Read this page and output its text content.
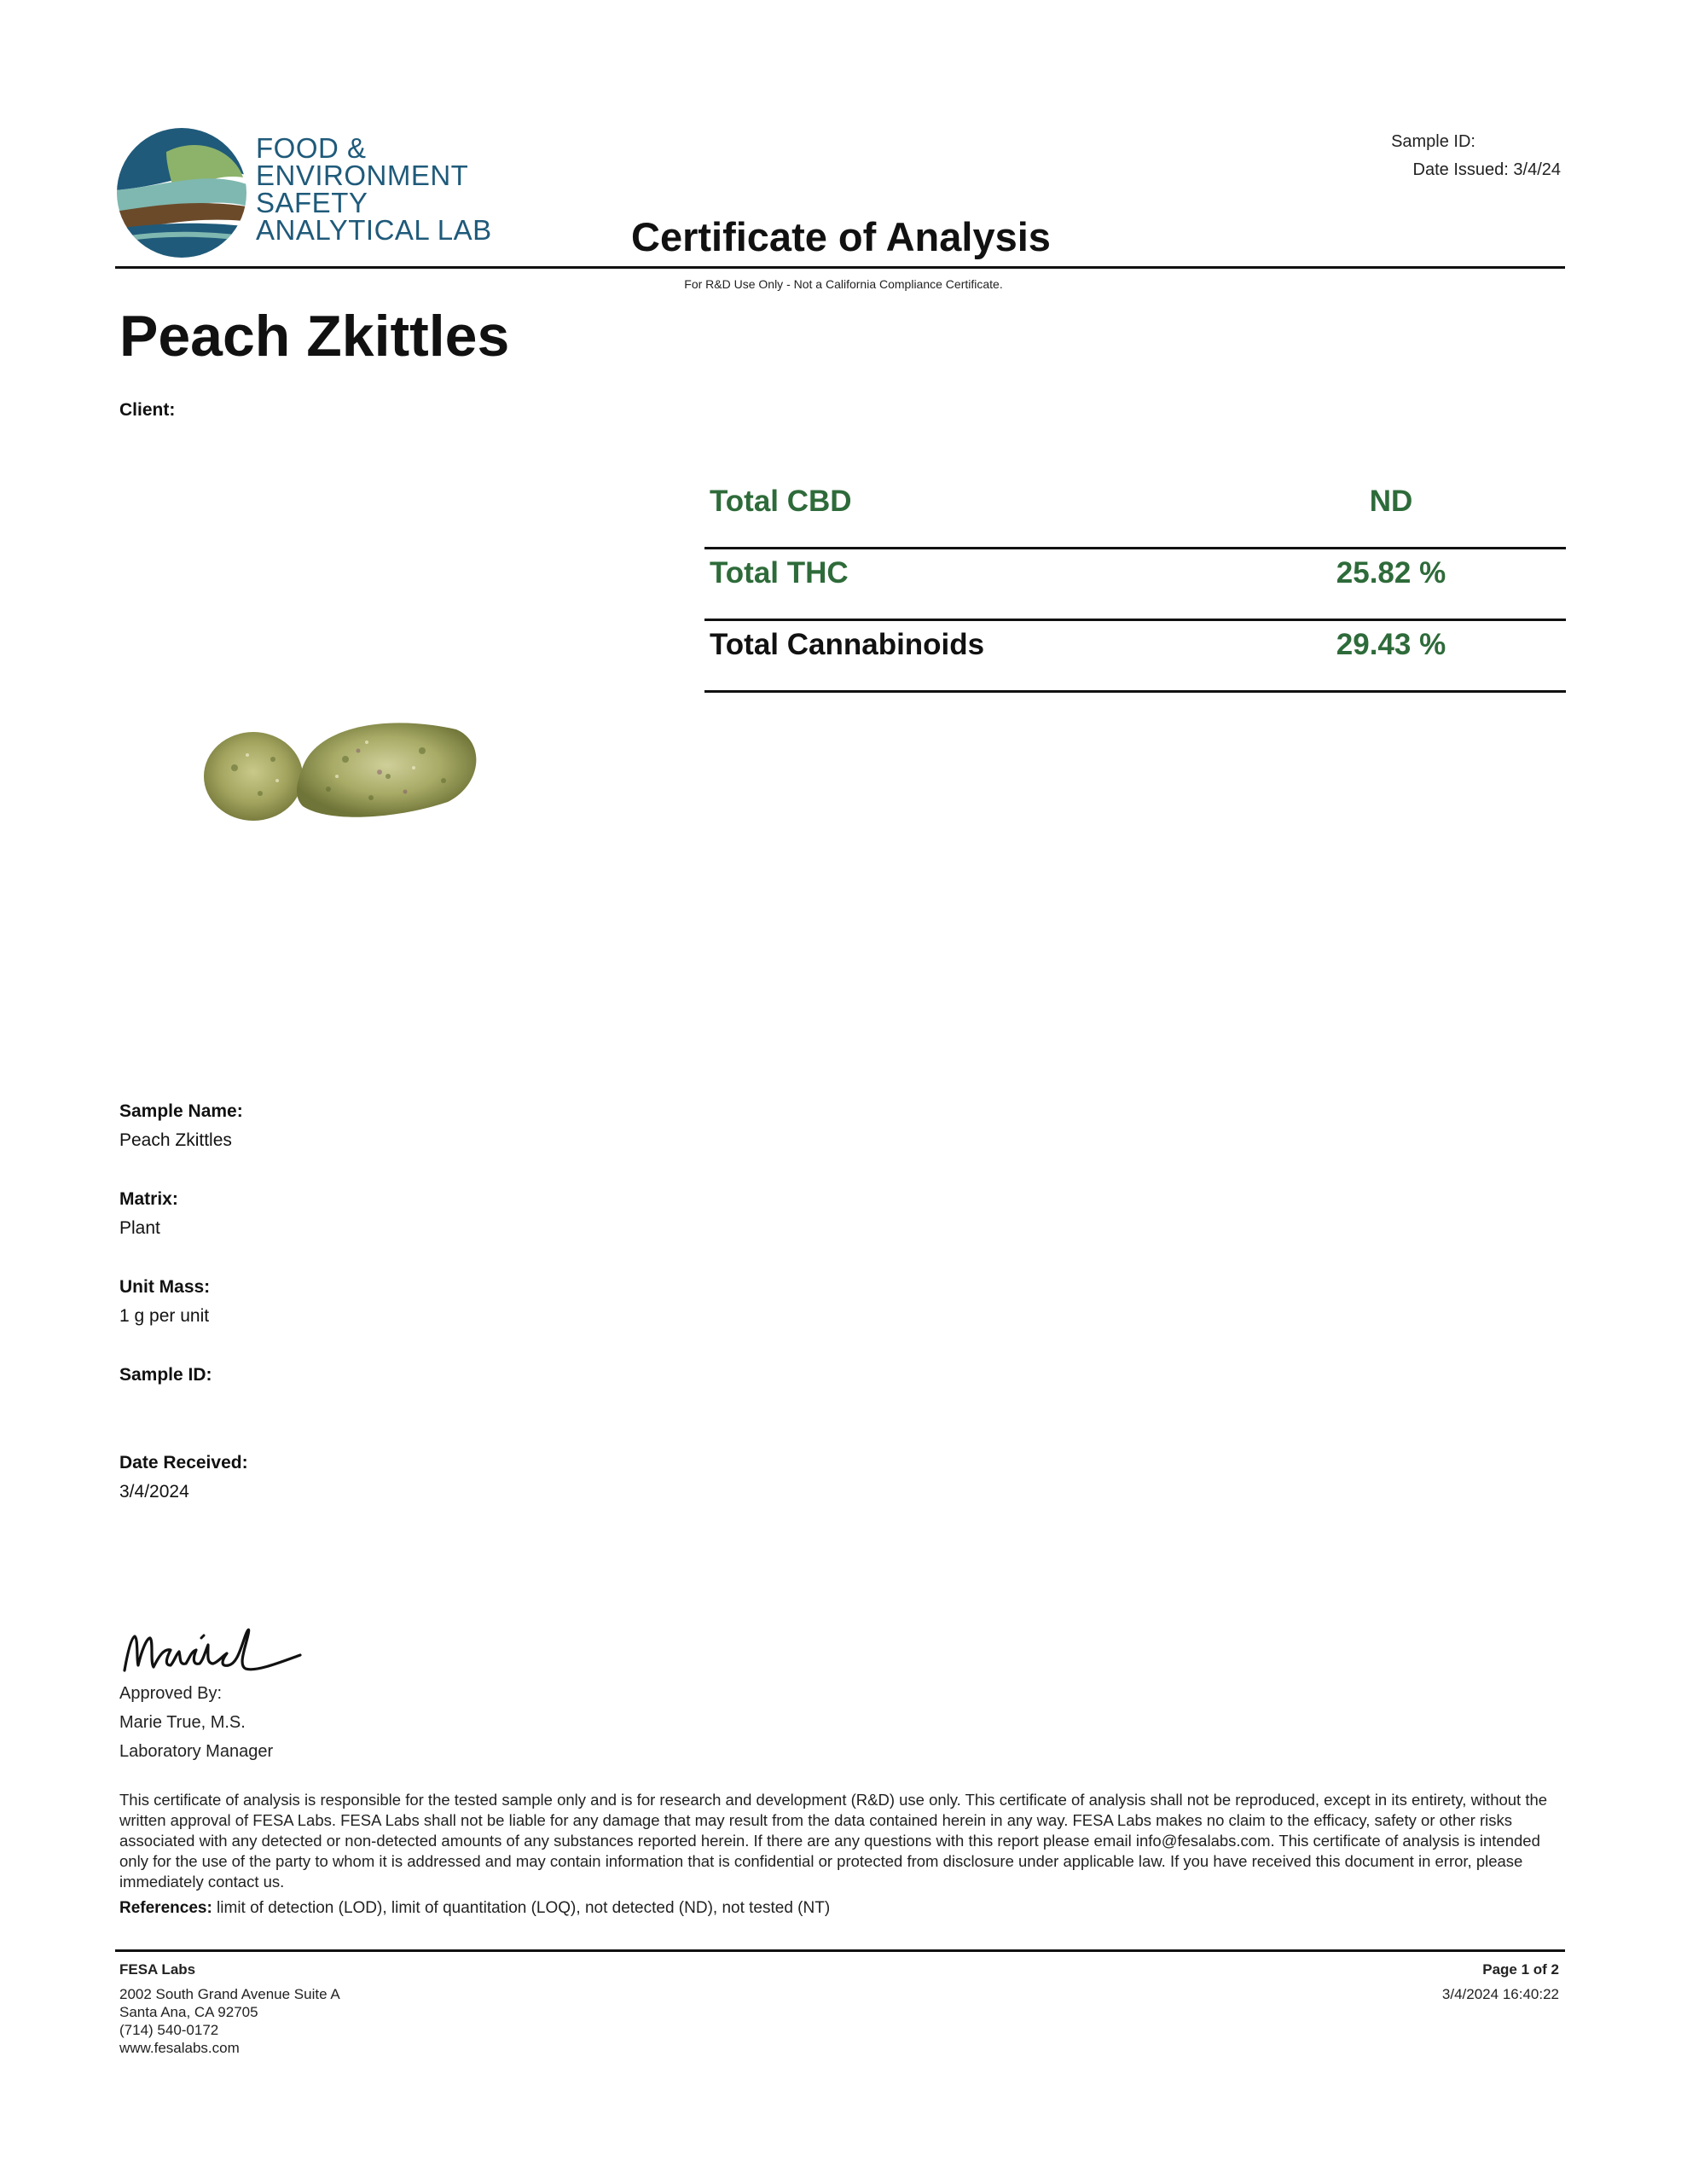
FOOD &
ENVIRONMENT
SAFETY
ANALYTICAL LAB
Sample ID:
Date Issued: 3/4/24
Certificate of Analysis
For R&D Use Only - Not a California Compliance Certificate.
Peach Zkittles
Client:
Total CBD	ND
Total THC	25.82 %
Total Cannabinoids	29.43 %
Sample Name:
Peach Zkittles
Matrix:
Plant
Unit Mass:
1 g per unit
Sample ID:
Date Received:
3/4/2024
Approved By:
Marie True, M.S.
Laboratory Manager
This certificate of analysis is responsible for the tested sample only and is for research and development (R&D) use only. This certificate of analysis shall not be reproduced, except in its entirety, without the written approval of FESA Labs. FESA Labs shall not be liable for any damage that may result from the data contained herein in any way. FESA Labs makes no claim to the efficacy, safety or other risks associated with any detected or non-detected amounts of any substances reported herein. If there are any questions with this report please email info@fesalabs.com. This certificate of analysis is intended only for the use of the party to whom it is addressed and may contain information that is confidential or protected from disclosure under applicable law. If you have received this document in error, please immediately contact us.
References: limit of detection (LOD), limit of quantitation (LOQ), not detected (ND), not tested (NT)
FESA Labs
2002 South Grand Avenue Suite A
Santa Ana, CA 92705
(714) 540-0172
www.fesalabs.com
Page 1 of 2
3/4/2024 16:40:22
